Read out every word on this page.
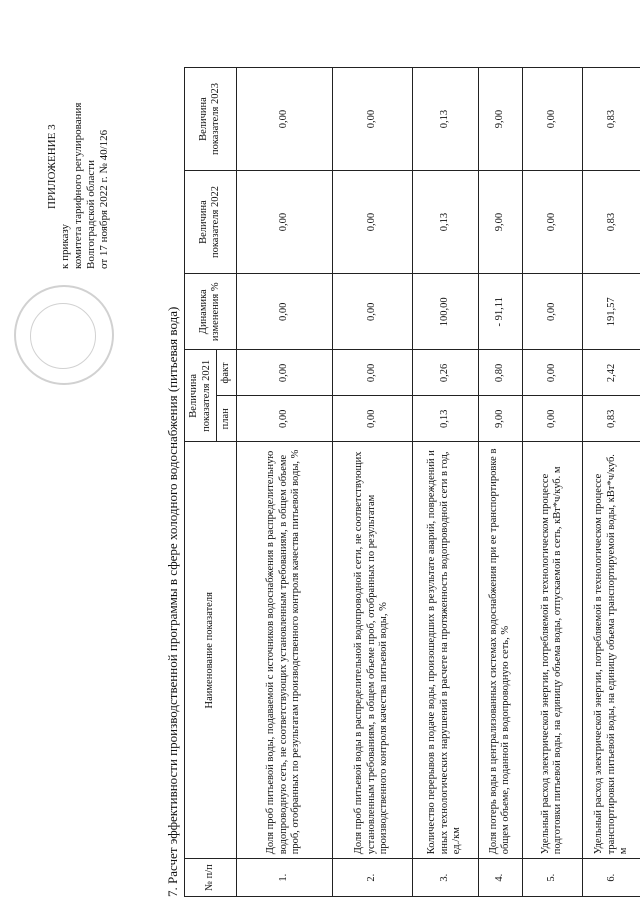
ПРИЛОЖЕНИЕ 3
к приказу комитета тарифного регулирования Волгоградской области от 17 ноября 2022 г. № 40/126
7. Расчет эффективности производственной программы в сфере холодного водоснабжения (питьевая вода) № п/п	Наименование показателя	Величина показателя 2021		Динамика изменения %	Величина показателя 2022	Величина показателя 2023
		план	факт			
1.	Доля проб питьевой воды, подаваемой с источников водоснабжения в распределительную водопроводную сеть, не соответствующих установленным требованиям, в общем объеме проб, отобранных по результатам производственного контроля качества питьевой воды, %	0,00	0,00	0,00	0,00	0,00
2.	Доля проб питьевой воды в распределительной водопроводной сети, не соответствующих установленным требованиям, в общем объеме проб, отобранных по результатам производственного контроля качества питьевой воды, %	0,00	0,00	0,00	0,00	0,00
3.	Количество перерывов в подаче воды, произошедших в результате аварий, повреждений и иных технологических нарушений в расчете на протяженность водопроводной сети в год, ед./км	0,13	0,26	100,00	0,13	0,13
4.	Доля потерь воды в централизованных системах водоснабжения при ее транспортировке в общем объеме, поданной в водопроводную сеть, %	9,00	0,80	- 91,11	9,00	9,00
5.	Удельный расход электрической энергии, потребляемой в технологическом процессе подготовки питьевой воды, на единицу объема воды, отпускаемой в сеть, кВт*ч/куб. м	0,00	0,00	0,00	0,00	0,00
6.	Удельный расход электрической энергии, потребляемой в технологическом процессе транспортировки питьевой воды, на единицу объема транспортируемой воды, кВт*ч/куб. м	0,83	2,42	191,57	0,83	0,83
